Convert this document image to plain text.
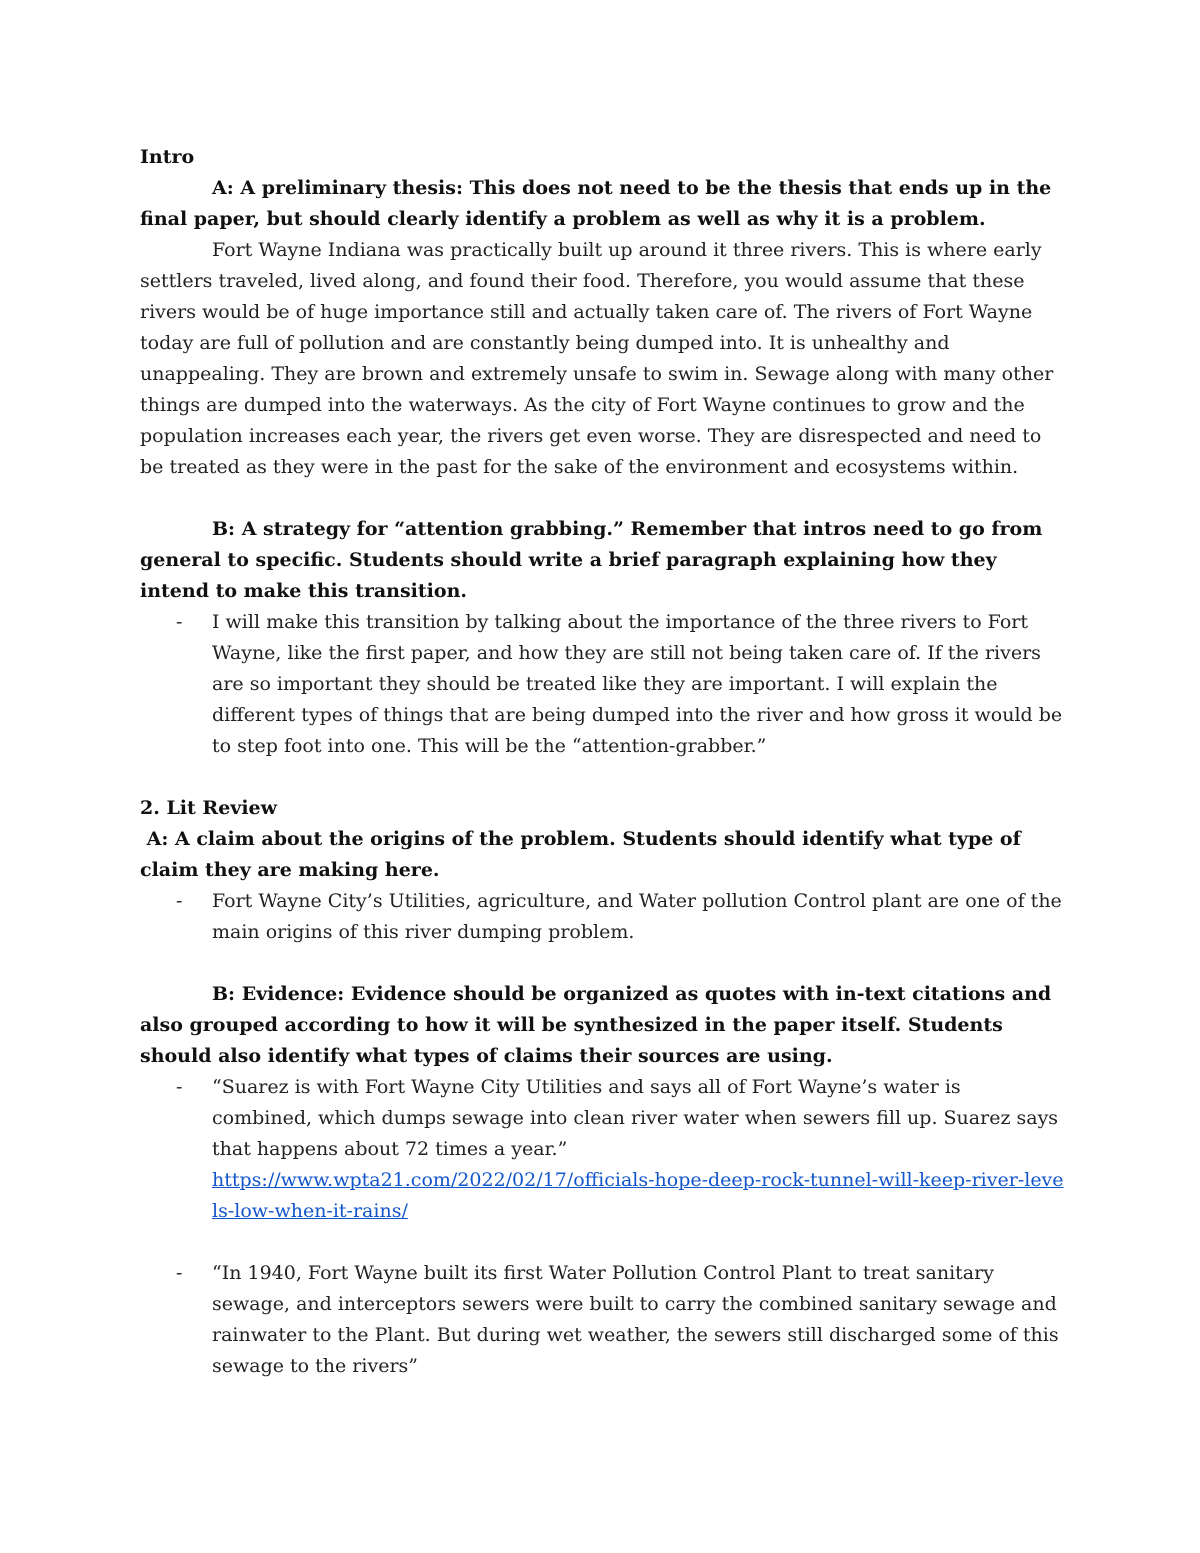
Intro

A: A preliminary thesis: This does not need to be the thesis that ends up in the final paper, but should clearly identify a problem as well as why it is a problem.

Fort Wayne Indiana was practically built up around it three rivers. This is where early settlers traveled, lived along, and found their food. Therefore, you would assume that these rivers would be of huge importance still and actually taken care of. The rivers of Fort Wayne today are full of pollution and are constantly being dumped into. It is unhealthy and unappealing. They are brown and extremely unsafe to swim in. Sewage along with many other things are dumped into the waterways. As the city of Fort Wayne continues to grow and the population increases each year, the rivers get even worse. They are disrespected and need to be treated as they were in the past for the sake of the environment and ecosystems within.

B: A strategy for “attention grabbing.” Remember that intros need to go from general to specific. Students should write a brief paragraph explaining how they intend to make this transition.

- I will make this transition by talking about the importance of the three rivers to Fort Wayne, like the first paper, and how they are still not being taken care of. If the rivers are so important they should be treated like they are important. I will explain the different types of things that are being dumped into the river and how gross it would be to step foot into one. This will be the “attention-grabber.”

2. Lit Review

A: A claim about the origins of the problem. Students should identify what type of claim they are making here.

- Fort Wayne City’s Utilities, agriculture, and Water pollution Control plant are one of the main origins of this river dumping problem.

B: Evidence: Evidence should be organized as quotes with in-text citations and also grouped according to how it will be synthesized in the paper itself. Students should also identify what types of claims their sources are using.

- “Suarez is with Fort Wayne City Utilities and says all of Fort Wayne’s water is combined, which dumps sewage into clean river water when sewers fill up. Suarez says that happens about 72 times a year.”
https://www.wpta21.com/2022/02/17/officials-hope-deep-rock-tunnel-will-keep-river-levels-low-when-it-rains/
- “In 1940, Fort Wayne built its first Water Pollution Control Plant to treat sanitary sewage, and interceptors sewers were built to carry the combined sanitary sewage and rainwater to the Plant. But during wet weather, the sewers still discharged some of this sewage to the rivers”
